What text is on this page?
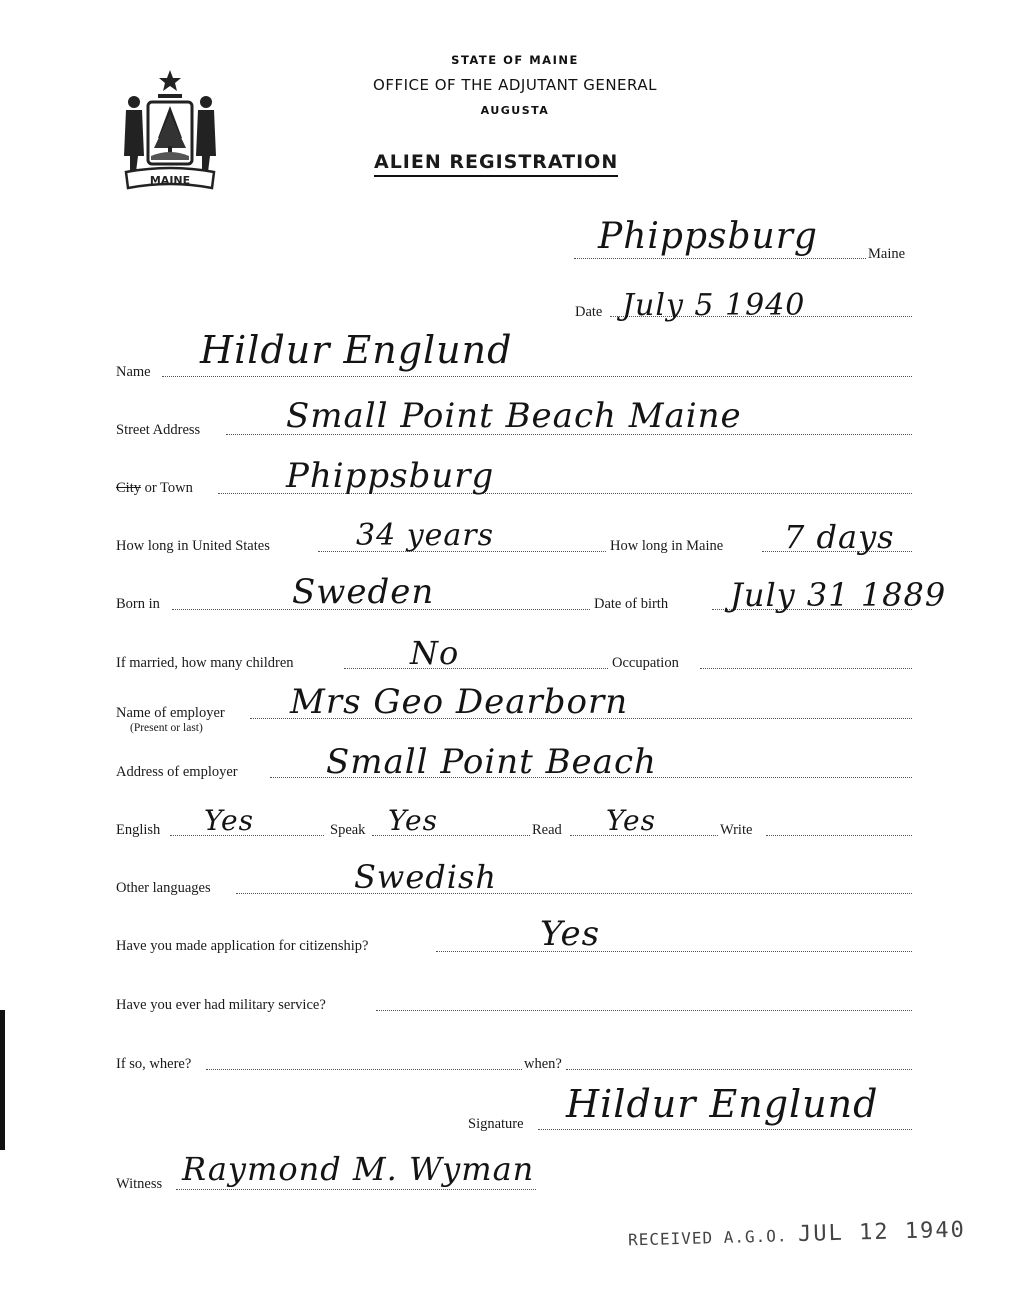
MAINE
STATE OF MAINE
OFFICE OF THE ADJUTANT GENERAL
AUGUSTA
ALIEN REGISTRATION
Phippsburg	Maine
Date July 5 1940
Name Hildur Englund
Street Address	Small Point Beach Maine
City or Town	Phippsburg
How long in United States	34 years	How long in Maine 7 days
Born in	Sweden	Date of birth July 31 1889
If married, how many children	No	Occupation
Name of employer
(Present or last)
Mrs Geo Dearborn
Address of employer	Small Point Beach
English Yes	Speak Yes	Read Yes	Write
Other languages	Swedish
Have you made application for citizenship?	Yes
Have you ever had military service?
If so, where?	when?
Signature Hildur Englund
Witness Raymond M. Wyman
RECEIVED A.G.O. JUL 12 1940
